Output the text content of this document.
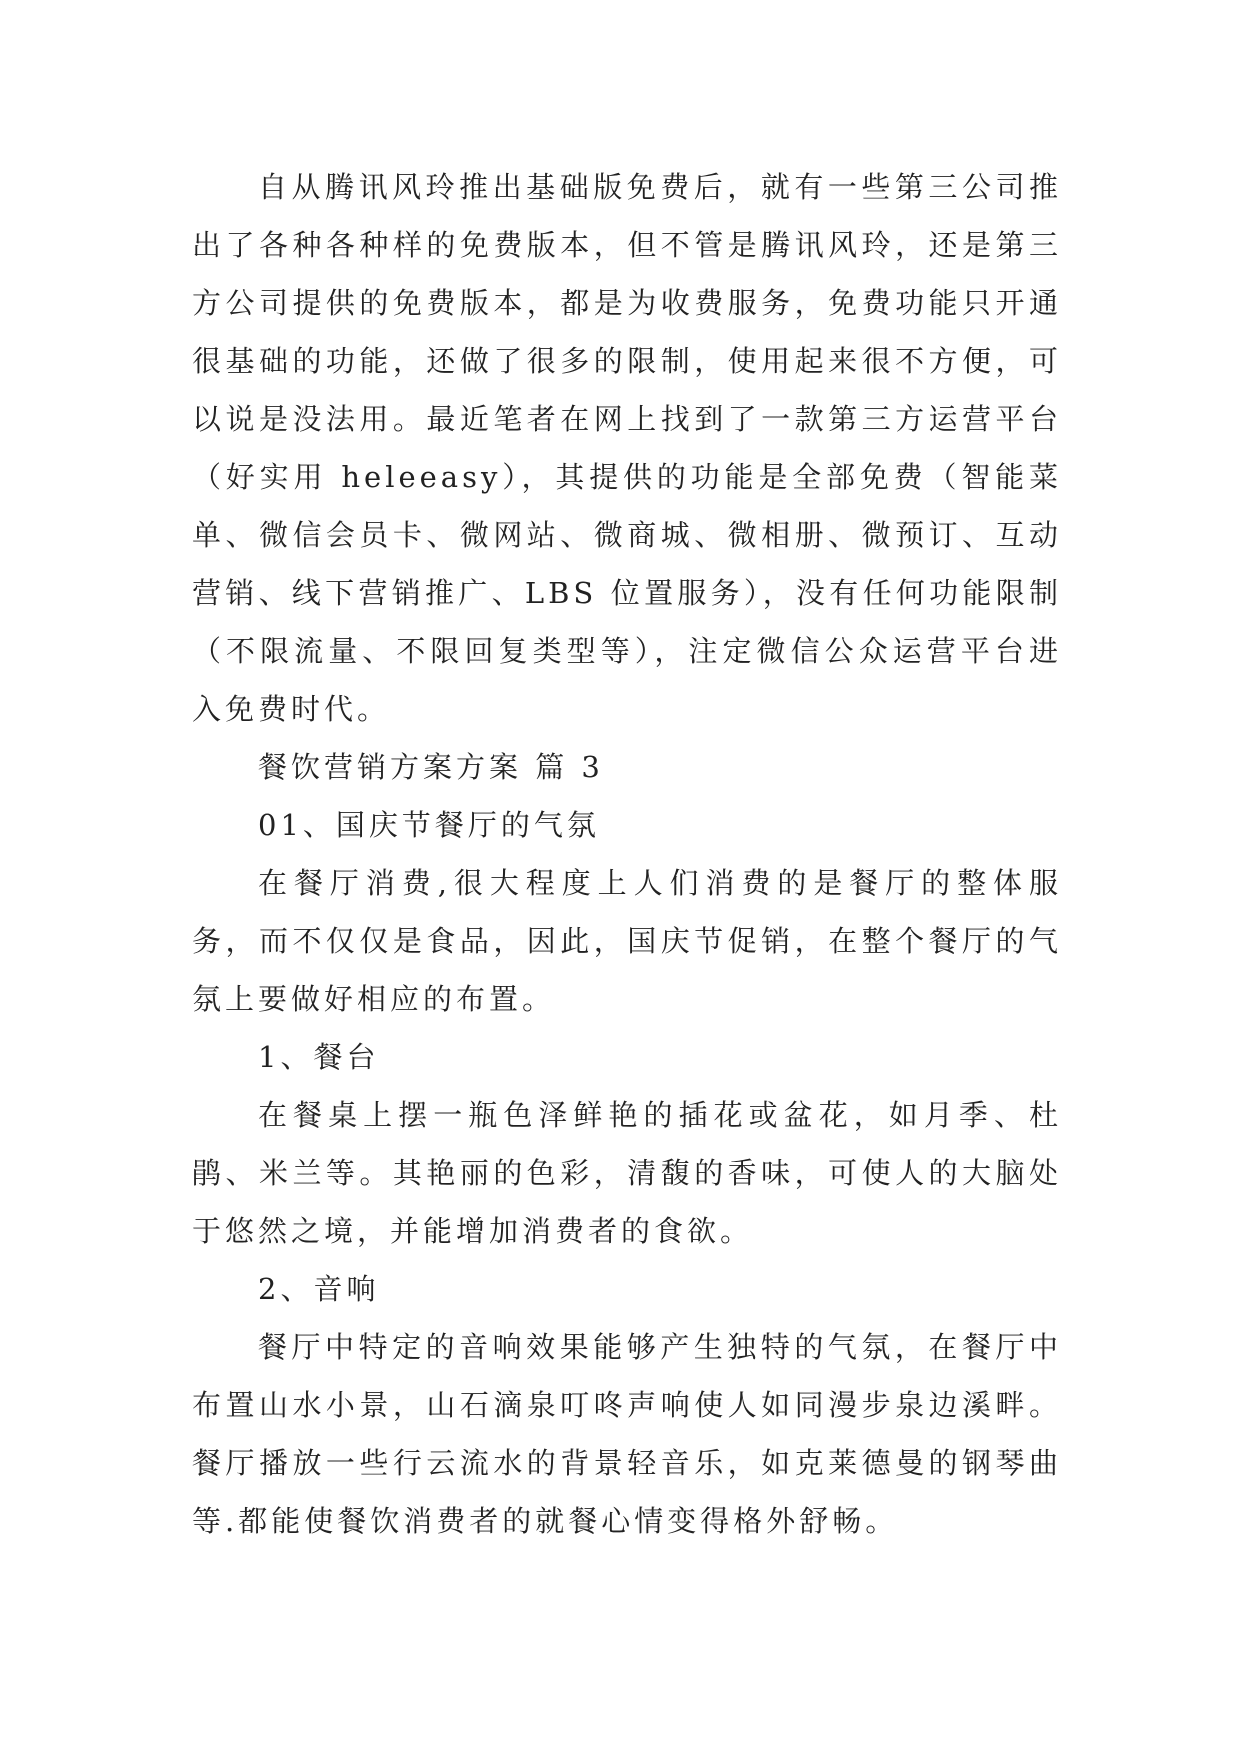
自从腾讯风玲推出基础版免费后，就有一些第三公司推出了各种各种样的免费版本，但不管是腾讯风玲，还是第三方公司提供的免费版本，都是为收费服务，免费功能只开通很基础的功能，还做了很多的限制，使用起来很不方便，可以说是没法用。最近笔者在网上找到了一款第三方运营平台（好实用 heleeasy），其提供的功能是全部免费（智能菜单、微信会员卡、微网站、微商城、微相册、微预订、互动营销、线下营销推广、LBS 位置服务），没有任何功能限制（不限流量、不限回复类型等），注定微信公众运营平台进入免费时代。

餐饮营销方案方案 篇 3

01、国庆节餐厅的气氛

在餐厅消费,很大程度上人们消费的是餐厅的整体服务，而不仅仅是食品，因此，国庆节促销，在整个餐厅的气氛上要做好相应的布置。

1、餐台

在餐桌上摆一瓶色泽鲜艳的插花或盆花，如月季、杜鹃、米兰等。其艳丽的色彩，清馥的香味，可使人的大脑处于悠然之境，并能增加消费者的食欲。

2、音响

餐厅中特定的音响效果能够产生独特的气氛，在餐厅中布置山水小景，山石滴泉叮咚声响使人如同漫步泉边溪畔。餐厅播放一些行云流水的背景轻音乐，如克莱德曼的钢琴曲等.都能使餐饮消费者的就餐心情变得格外舒畅。
